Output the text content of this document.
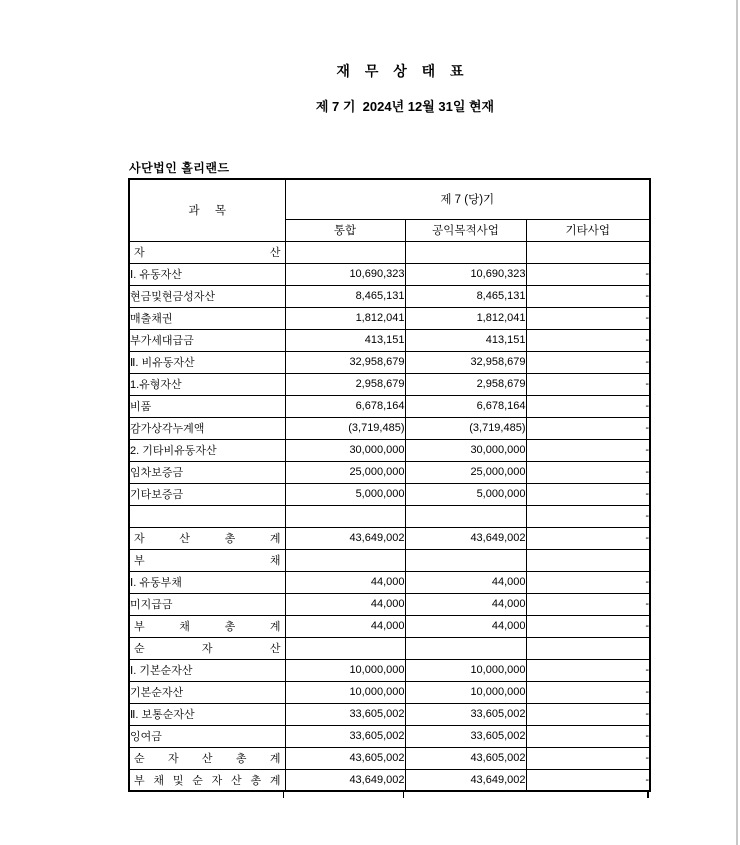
재 무 상 태 표
제 7 기  2024년 12월 31일 현재
사단법인 홀리랜드
과 목	제 7 (당)기		
	통합	공익목적사업	기타사업

자 산			

Ⅰ. 유동자산	10,690,323	10,690,323	-
현금및현금성자산	8,465,131	8,465,131	-
매출채권	1,812,041	1,812,041	-
부가세대급금	413,151	413,151	-
Ⅱ. 비유동자산	32,958,679	32,958,679	-
1.유형자산	2,958,679	2,958,679	-
비품	6,678,164	6,678,164	-
감가상각누계액	(3,719,485)	(3,719,485)	-
2. 기타비유동자산	30,000,000	30,000,000	-
임차보증금	25,000,000	25,000,000	-
기타보증금	5,000,000	5,000,000	-
			-

자 산 총 계	43,649,002	43,649,002	-

부 채			

Ⅰ. 유동부채	44,000	44,000	-
미지급금	44,000	44,000	-

부 채 총 계	44,000	44,000	-

순 자 산			

Ⅰ. 기본순자산	10,000,000	10,000,000	-
기본순자산	10,000,000	10,000,000	-
Ⅱ. 보통순자산	33,605,002	33,605,002	-
잉여금	33,605,002	33,605,002	-

순 자 산 총 계	43,605,002	43,605,002	-

부 채 및 순 자 산 총 계	43,649,002	43,649,002	-
